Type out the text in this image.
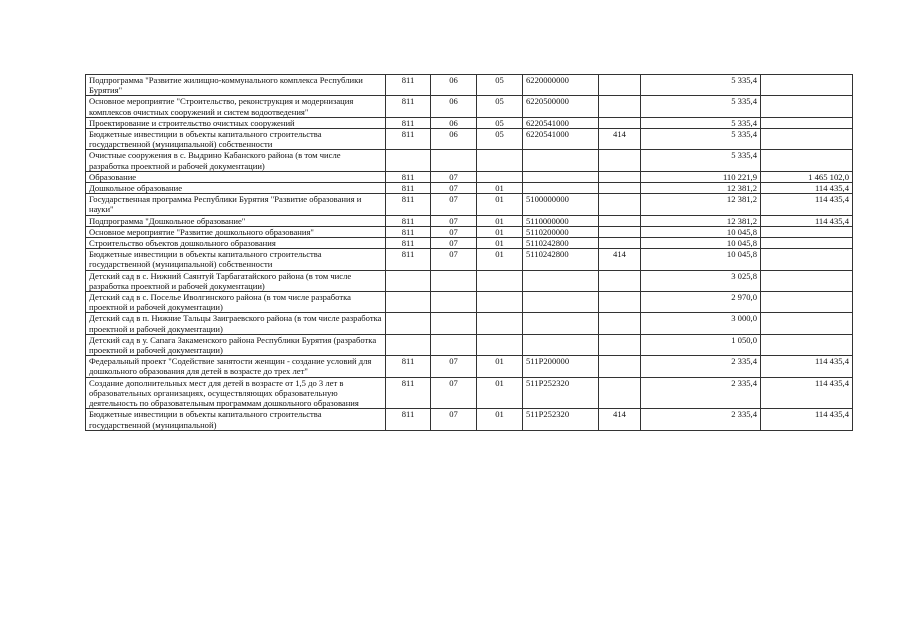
Подпрограмма "Развитие жилищно-коммунального комплекса Республики Бурятия"	811	06	05	6220000000		5 335,4	
Основное мероприятие "Строительство, реконструкция и модернизация комплексов очистных сооружений и систем водоотведения"	811	06	05	6220500000		5 335,4	
Проектирование и строительство очистных сооружений	811	06	05	6220541000		5 335,4	
Бюджетные инвестиции в объекты капитального строительства государственной (муниципальной) собственности	811	06	05	6220541000	414	5 335,4	
Очистные сооружения в с. Выдрино Кабанского района (в том числе разработка проектной и рабочей документации)						5 335,4	
Образование	811	07				110 221,9	1 465 102,0
Дошкольное образование	811	07	01			12 381,2	114 435,4
Государственная программа Республики Бурятия "Развитие образования и науки"	811	07	01	5100000000		12 381,2	114 435,4
Подпрограмма "Дошкольное образование"	811	07	01	5110000000		12 381,2	114 435,4
Основное мероприятие "Развитие дошкольного образования"	811	07	01	5110200000		10 045,8	
Строительство объектов дошкольного образования	811	07	01	5110242800		10 045,8	
Бюджетные инвестиции в объекты капитального строительства государственной (муниципальной) собственности	811	07	01	5110242800	414	10 045,8	
Детский сад в с. Нижний Саянтуй Тарбагатайского района (в том числе разработка проектной и рабочей документации)						3 025,8	
Детский сад в с. Поселье Иволгинского района (в том числе разработка проектной и рабочей документации)						2 970,0	
Детский сад в п. Нижние Тальцы Заиграевского района (в том числе разработка проектной и рабочей документации)						3 000,0	
Детский сад в у. Сапага Закаменского района Республики Бурятия (разработка проектной и рабочей документации)						1 050,0	
Федеральный проект "Содействие занятости женщин - создание условий для дошкольного образования для детей в возрасте до трех лет"	811	07	01	511P200000		2 335,4	114 435,4
Создание дополнительных мест для детей в возрасте от 1,5 до 3 лет в образовательных организациях, осуществляющих образовательную деятельность по образовательным программам дошкольного образования	811	07	01	511P252320		2 335,4	114 435,4
Бюджетные инвестиции в объекты капитального строительства государственной (муниципальной)	811	07	01	511P252320	414	2 335,4	114 435,4
